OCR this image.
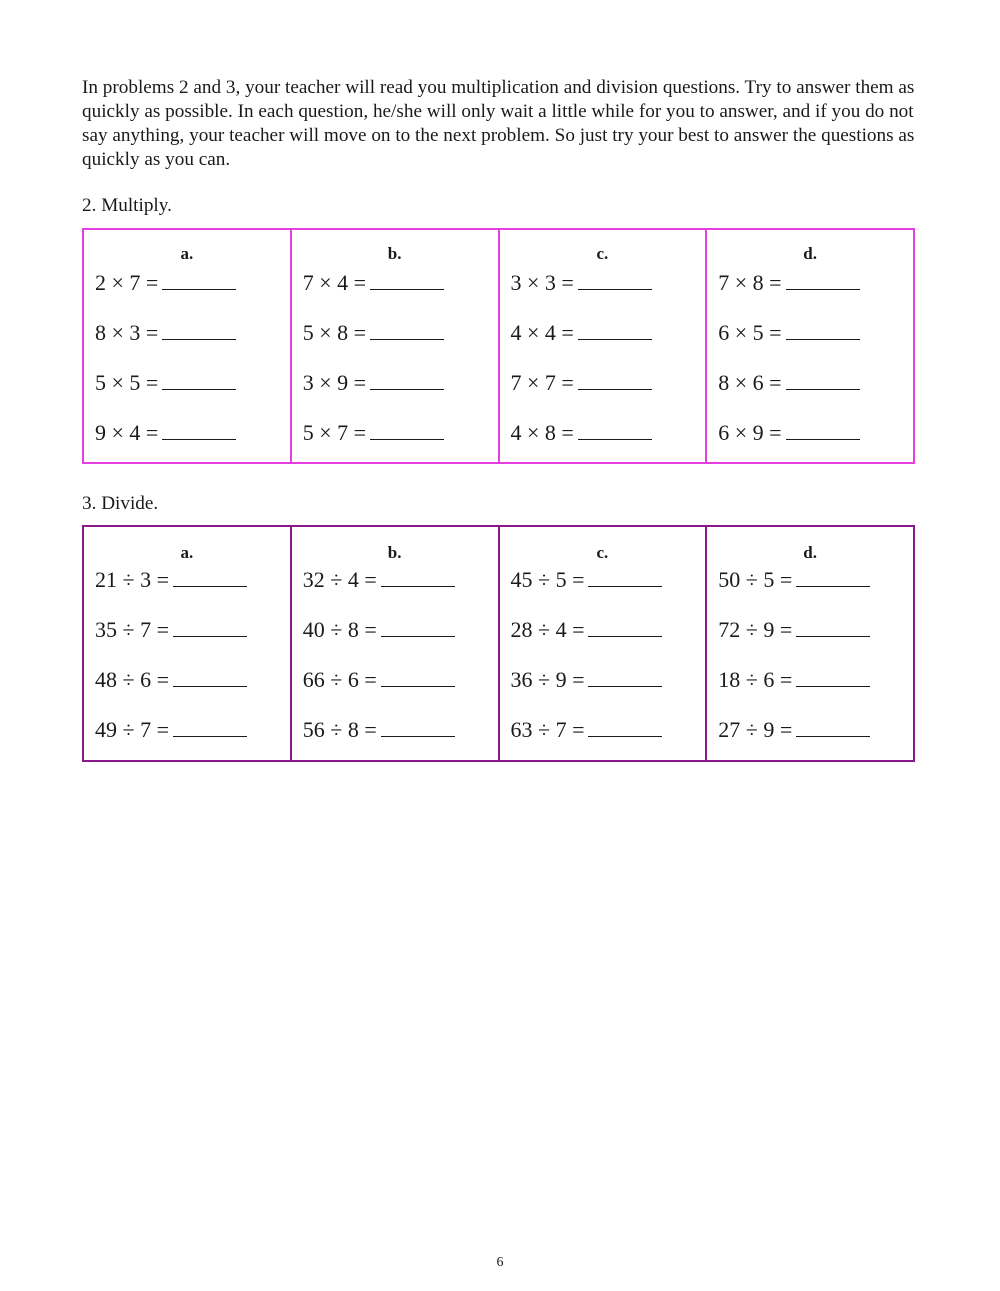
In problems 2 and 3, your teacher will read you multiplication and division questions. Try to answer them as quickly as possible. In each question, he/she will only wait a little while for you to answer, and if you do not say anything, your teacher will move on to the next problem. So just try your best to answer the questions as quickly as you can.

2. Multiply.

a.
2 × 7 =
8 × 3 =
5 × 5 =
9 × 4 =

b.
7 × 4 =
5 × 8 =
3 × 9 =
5 × 7 =

c.
3 × 3 =
4 × 4 =
7 × 7 =
4 × 8 =

d.
7 × 8 =
6 × 5 =
8 × 6 =
6 × 9 =

3. Divide.

a.
21 ÷ 3 =
35 ÷ 7 =
48 ÷ 6 =
49 ÷ 7 =

b.
32 ÷ 4 =
40 ÷ 8 =
66 ÷ 6 =
56 ÷ 8 =

c.
45 ÷ 5 =
28 ÷ 4 =
36 ÷ 9 =
63 ÷ 7 =

d.
50 ÷ 5 =
72 ÷ 9 =
18 ÷ 6 =
27 ÷ 9 =

6
